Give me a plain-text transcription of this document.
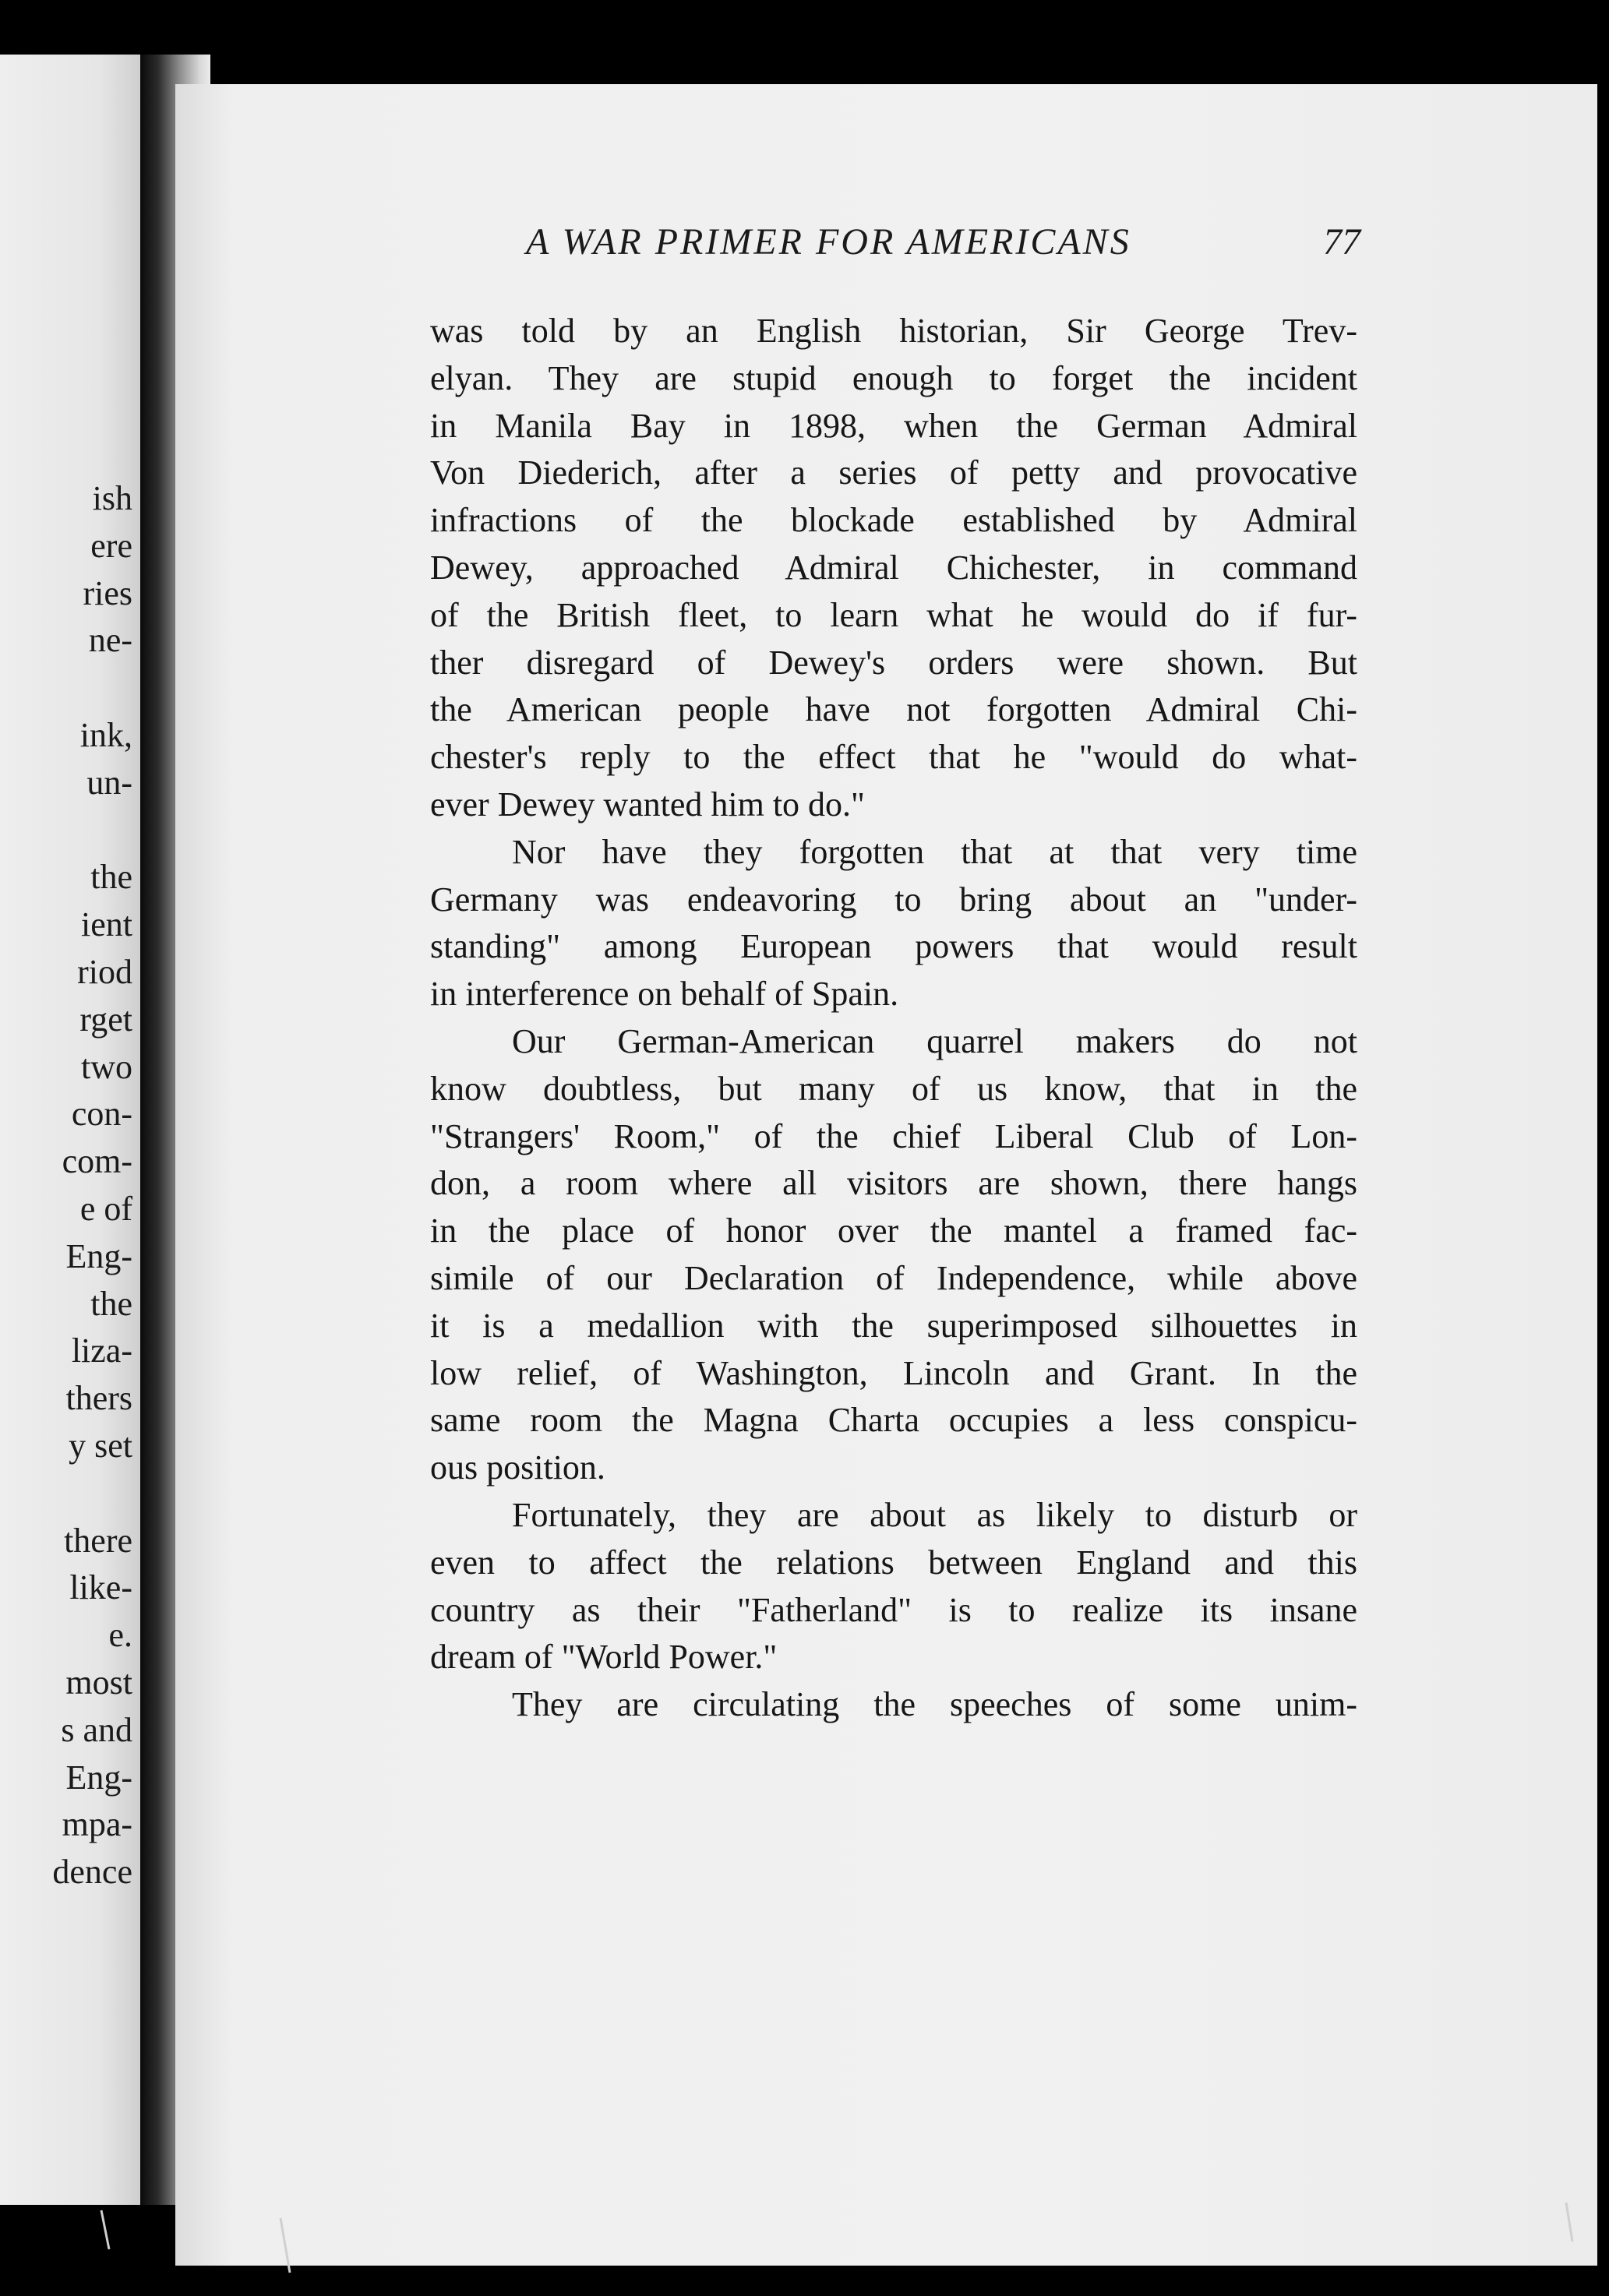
ish
ere
ries
ne-

ink,
un-

the
ient
riod
rget
two
con-
com-
e of
Eng-
the
liza-
thers
y set

there
like-
e.
most
s and
Eng-
mpa-
dence
A WAR PRIMER FOR AMERICANS	77
was told by an English historian, Sir George Trev-
elyan. They are stupid enough to forget the incident
in Manila Bay in 1898, when the German Admiral
Von Diederich, after a series of petty and provocative
infractions of the blockade established by Admiral
Dewey, approached Admiral Chichester, in command
of the British fleet, to learn what he would do if fur-
ther disregard of Dewey's orders were shown. But
the American people have not forgotten Admiral Chi-
chester's reply to the effect that he "would do what-
ever Dewey wanted him to do."
Nor have they forgotten that at that very time
Germany was endeavoring to bring about an "under-
standing" among European powers that would result
in interference on behalf of Spain.
Our German-American quarrel makers do not
know doubtless, but many of us know, that in the
"Strangers' Room," of the chief Liberal Club of Lon-
don, a room where all visitors are shown, there hangs
in the place of honor over the mantel a framed fac-
simile of our Declaration of Independence, while above
it is a medallion with the superimposed silhouettes in
low relief, of Washington, Lincoln and Grant. In the
same room the Magna Charta occupies a less conspicu-
ous position.
Fortunately, they are about as likely to disturb or
even to affect the relations between England and this
country as their "Fatherland" is to realize its insane
dream of "World Power."
They are circulating the speeches of some unim-
